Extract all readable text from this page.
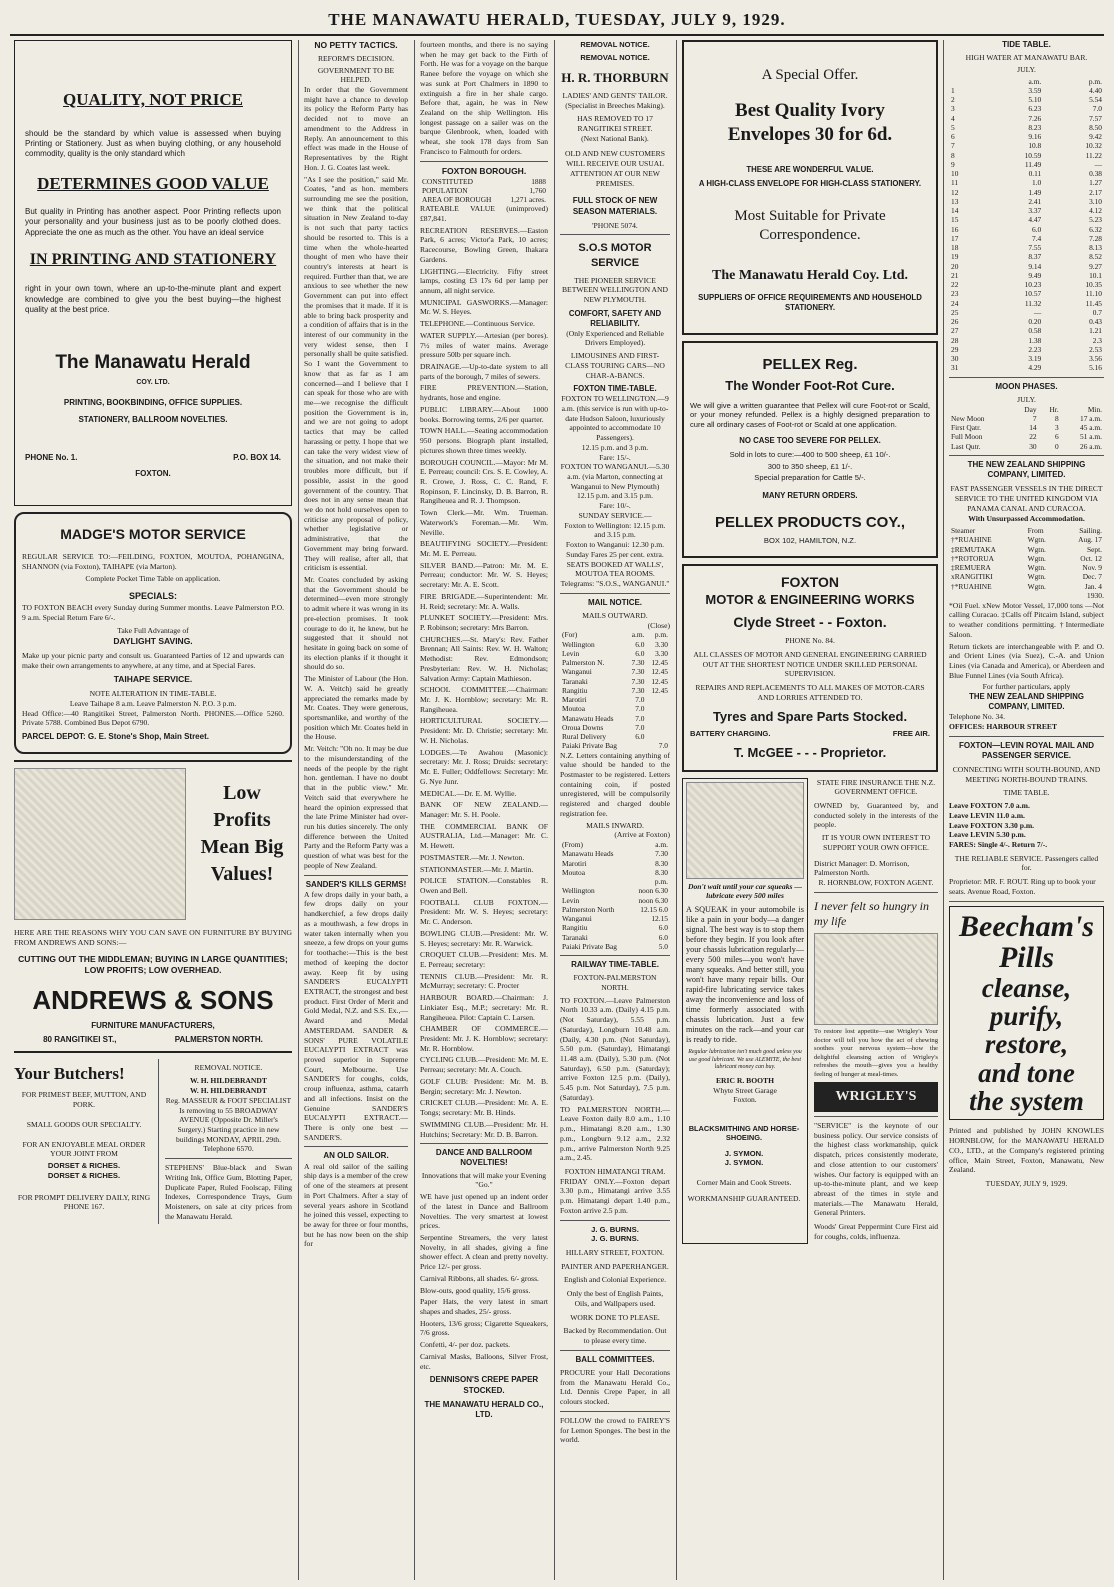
THE MANAWATU HERALD, TUESDAY, JULY 9, 1929.
QUALITY, NOT PRICE
should be the standard by which value is assessed when buying Printing or Stationery. Just as when buying clothing, or any household commodity, quality is the only standard which
DETERMINES GOOD VALUE
But quality in Printing has another aspect. Poor Printing reflects upon your personality and your business just as to be poorly clothed does. Appreciate the one as much as the other. You have an ideal service
IN PRINTING AND STATIONERY
right in your own town, where an up-to-the-minute plant and expert knowledge are combined to give you the best buying—the highest quality at the best price.
The Manawatu Herald
COY. LTD.
PRINTING, BOOKBINDING, OFFICE SUPPLIES.
STATIONERY, BALLROOM NOVELTIES.
PHONE No. 1.	P.O. BOX 14.
FOXTON.
MADGE'S MOTOR SERVICE
REGULAR SERVICE TO:—FEILDING, FOXTON, MOUTOA, POHANGINA, SHANNON (via Foxton), TAIHAPE (via Marton).
Complete Pocket Time Table on application.
SPECIALS:
TO FOXTON BEACH every Sunday during Summer months. Leave Palmerston P.O. 9 a.m. Special Return Fare 6/-.
Take Full Advantage of
DAYLIGHT SAVING.
Make up your picnic party and consult us. Guaranteed Parties of 12 and upwards can make their own arrangements to anywhere, at any time, and at Special Fares.
TAIHAPE SERVICE.
NOTE ALTERATION IN TIME-TABLE.
Leave Taihape 8 a.m. Leave Palmerston N. P.O. 3 p.m.
Head Office:—40 Rangitikei Street, Palmerston North. PHONES.—Office 5260. Private 5788. Combined Bus Depot 6790.
PARCEL DEPOT: G. E. Stone's Shop, Main Street.
Low Profits Mean Big Values!
HERE ARE THE REASONS WHY YOU CAN SAVE ON FURNITURE BY BUYING FROM ANDREWS AND SONS:—
CUTTING OUT THE MIDDLEMAN; BUYING IN LARGE QUANTITIES; LOW PROFITS; LOW OVERHEAD.
ANDREWS & SONS
FURNITURE MANUFACTURERS,
80 RANGITIKEI ST.,	PALMERSTON NORTH.
Your Butchers!
FOR PRIMEST BEEF, MUTTON, AND PORK.
SMALL GOODS OUR SPECIALTY.
FOR AN ENJOYABLE MEAL ORDER YOUR JOINT FROM
DORSET & RICHES.
DORSET & RICHES.
FOR PROMPT DELIVERY DAILY, RING PHONE 167.
REMOVAL NOTICE.
W. H. HILDEBRANDT
W. H. HILDEBRANDT
Reg. MASSEUR & FOOT SPECIALIST Is removing to 55 BROADWAY AVENUE (Opposite Dr. Miller's Surgery.) Starting practice in new buildings MONDAY, APRIL 29th. Telephone 6570.
STEPHENS' Blue-black and Swan Writing Ink, Office Gum, Blotting Paper, Duplicate Paper, Ruled Foolscap, Filing Indexes, Correspondence Trays, Gum Moisteners, on sale at city prices from the Manawatu Herald.
NO PETTY TACTICS.
REFORM'S DECISION.
GOVERNMENT TO BE HELPED.

In order that the Government might have a chance to develop its policy the Reform Party has decided not to move an amendment to the Address in Reply. An announcement to this effect was made in the House of Representatives by the Right Hon. J. G. Coates last week.

"As I see the position," said Mr. Coates, "and as hon. members surrounding me see the position, we think that the political situation in New Zealand to-day is not such that party tactics should be resorted to. This is a time when the whole-hearted thought of men who have their country's interests at heart is required. Further than that, we are anxious to see whether the new Government can put into effect the promises that it made. If it is able to bring back prosperity and a condition of affairs that is in the interest of our community in the very widest sense, then I personally shall be quite satisfied. So I want the Government to know that as far as I am concerned—and I believe that I can speak for those who are with me—we recognise the difficult position the Government is in, and we are not going to adopt tactics that may be called harassing or petty. I hope that we can take the very widest view of the situation, and not make their troubles more difficult, but if possible, assist in the good government of the country. That does not in any sense mean that we do not hold ourselves open to criticise any proposal of policy, whether legislative or administrative, that the Government may bring forward. They will realise, after all, that criticism is essential.

Mr. Coates concluded by asking that the Government should be determined—even more strongly to admit where it was wrong in its pre-election promises. It took courage to do it, he knew, but he suggested that it should not hesitate in going back on some of its election planks if it thought it should do so.

The Minister of Labour (the Hon. W. A. Veitch) said he greatly appreciated the remarks made by Mr. Coates. They were generous, sportsmanlike, and worthy of the position which Mr. Coates held in the House.

Mr. Veitch: "Oh no. It may be due to the misunderstanding of the needs of the people by the right hon. gentleman. I have no doubt that in the public view." Mr. Veitch said that everywhere he heard the opinion expressed that the late Prime Minister had over-run his duties sincerely. The only difference between the United Party and the Reform Party was a question of what was best for the people of New Zealand.

SANDER'S KILLS GERMS!

A few drops daily in your bath, a few drops daily on your handkerchief, a few drops daily as a mouthwash, a few drops in water taken internally when you sneeze, a few drops on your gums for toothache:—This is the best method of keeping the doctor away. Keep fit by using SANDER'S EUCALYPTI EXTRACT, the strongest and best product. First Order of Merit and Gold Medal, N.Z. and S.S. Ex.,—Award and Medal AMSTERDAM. SANDER & SONS' PURE VOLATILE EUCALYPTI EXTRACT was proved superior in Supreme Court, Melbourne. Use SANDER'S for coughs, colds, croup influenza, asthma, catarrh and all infections. Insist on the Genuine SANDER'S EUCALYPTI EXTRACT.—There is only one best —SANDER'S.

AN OLD SAILOR.

A real old sailor of the sailing ship days is a member of the crew of one of the steamers at present in Port Chalmers. After a stay of several years ashore in Scotland he joined this vessel, expecting to be away for three or four months, but he has now been on the ship for

fourteen months, and there is no saying when he may get back to the Firth of Forth. He was for a voyage on the barque Ranee before the voyage on which she was sunk at Port Chalmers in 1890 to extinguish a fire in her shale cargo. Before that, again, he was in New Zealand on the ship Wellington. His longest passage on a sailer was on the barque Glenbrook, when, loaded with wheat, she took 178 days from San Francisco to Falmouth for orders.

FOXTON BOROUGH.
CONSTITUTED	1888
POPULATION	1,760
AREA OF BOROUGH	1,271 acres.
RATEABLE VALUE (unimproved) £87,841.
RECREATION RESERVES.—Easton Park, 6 acres; Victor'a Park, 10 acres; Racecourse, Bowling Green, Ihakara Gardens.
LIGHTING.—Electricity. Fifty street lamps, costing £3 17s 6d per lamp per annum, all night service.
MUNICIPAL GASWORKS.—Manager: Mr. W. S. Heyes.
TELEPHONE.—Continuous Service.
WATER SUPPLY.—Artesian (per bores). 7½ miles of water mains. Average pressure 50lb per square inch.
DRAINAGE.—Up-to-date system to all parts of the borough, 7 miles of sewers.
FIRE PREVENTION.—Station, hydrants, hose and engine.
PUBLIC LIBRARY.—About 1000 books. Borrowing terms, 2/6 per quarter.
TOWN HALL.—Seating accommodation 950 persons. Biograph plant installed, pictures shown three times weekly.
BOROUGH COUNCIL.—Mayor: Mr M. E. Perreau; council: Crs. S. E. Cowley, A. R. Crowe, J. Ross, C. C. Rand, F. Ropinson, F. Lincinsky, D. B. Barron, R. Rangiheuea and R. J. Thompson.
Town Clerk.—Mr. Wm. Trueman. Waterwork's Foreman.—Mr. Wm. Neville.
BEAUTIFYING SOCIETY.—President: Mr. M. E. Perreau.
SILVER BAND.—Patron: Mr. M. E. Perreau; conductor: Mr. W. S. Heyes; secretary: Mr. A. E. Scott.
FIRE BRIGADE.—Superintendent: Mr. H. Reid; secretary: Mr. A. Walls.
PLUNKET SOCIETY.—President: Mrs. P. Robinson; secretary: Mrs Barron.
CHURCHES.—St. Mary's: Rev. Father Brennan; All Saints: Rev. W. H. Walton; Methodist: Rev. Edmondson; Presbyterian: Rev. W. H. Nicholas; Salvation Army: Captain Mathieson.
SCHOOL COMMITTEE.—Chairman: Mr. J. K. Hornblow; secretary: Mr. R. Rangiheuea.
HORTICULTURAL SOCIETY.—President: Mr. D. Christie; secretary: Mr. W. H. Nicholas.
LODGES.—Te Awahou (Masonic): secretary: Mr. J. Ross; Druids: secretary: Mr. E. Fuller; Oddfellows: Secretary: Mr. G. Nye Junr.
MEDICAL.—Dr. E. M. Wyllie.
BANK OF NEW ZEALAND.—Manager: Mr. S. H. Poole.
THE COMMERCIAL BANK OF AUSTRALIA, Ltd.—Manager: Mr. C. M. Hewett.
POSTMASTER.—Mr. J. Newton.
STATIONMASTER.—Mr. J. Martin.
POLICE STATION.—Constables R. Owen and Bell.
FOOTBALL CLUB FOXTON.—President: Mr. W. S. Heyes; secretary: Mr. C. Anderson.
BOWLING CLUB.—President: Mr. W. S. Heyes; secretary: Mr. R. Warwick.
CROQUET CLUB.—President: Mrs. M. E. Perreau; secretary:
TENNIS CLUB.—President: Mr. R. McMurray; secretary: C. Procter
HARBOUR BOARD.—Chairman: J. Linkiater Esq., M.P.; secretary: Mr. R. Rangiheuea. Pilot: Captain C. Larsen.
CHAMBER OF COMMERCE.—President: Mr. J. K. Hornblow; secretary: Mr. R. Hornblow.
CYCLING CLUB.—President: Mr. M. E. Perreau; secretary: Mr. A. Couch.
GOLF CLUB: President: Mr. M. B. Bergin; secretary: Mr. J. Newton.
CRICKET CLUB.—President: Mr. A. E. Tongs; secretary: Mr. B. Hinds.
SWIMMING CLUB.—President: Mr. H. Hutchins; Secretary: Mr. D. B. Barron.
DANCE AND BALLROOM NOVELTIES!
Innovations that will make your Evening "Go."

WE have just opened up an indent order of the latest in Dance and Ballroom Novelties. The very smartest at lowest prices.

Serpentine Streamers, the very latest Novelty, in all shades, giving a fine shower effect. A clean and pretty novelty. Price 12/- per gross.
Carnival Ribbons, all shades. 6/- gross.
Blow-outs, good quality, 15/6 gross.
Paper Hats, the very latest in smart shapes and shades, 25/- gross.
Hooters, 13/6 gross; Cigarette Squeakers, 7/6 gross.
Confetti, 4/- per doz. packets.
Carnival Masks, Balloons, Silver Frost, etc.
DENNISON'S CREPE PAPER STOCKED.
THE MANAWATU HERALD CO., LTD.
REMOVAL NOTICE.
REMOVAL NOTICE.
H. R. THORBURN
LADIES' AND GENTS' TAILOR.
(Specialist in Breeches Making).
HAS REMOVED TO 17 RANGITIKEI STREET.
(Next National Bank).
OLD AND NEW CUSTOMERS WILL RECEIVE OUR USUAL ATTENTION AT OUR NEW PREMISES.
FULL STOCK OF NEW SEASON MATERIALS.
'PHONE 5074.
S.O.S MOTOR SERVICE
THE PIONEER SERVICE BETWEEN WELLINGTON AND NEW PLYMOUTH.
COMFORT, SAFETY AND RELIABILITY.
(Only Experienced and Reliable Drivers Employed).
LIMOUSINES AND FIRST-CLASS TOURING CARS—NO CHAR-A-BANCS.
FOXTON TIME-TABLE.
FOXTON TO WELLINGTON.—9 a.m. (this service is run with up-to-date Hudson Saloon, luxuriously appointed to accommodate 10 Passengers).
12.15 p.m. and 3 p.m.
Fare: 15/-.
FOXTON TO WANGANUI.—5.30 a.m. (via Marton, connecting at Wanganui to New Plymouth)
12.15 p.m. and 3.15 p.m.
Fare: 10/-.
SUNDAY SERVICE.—
Foxton to Wellington: 12.15 p.m. and 3.15 p.m.
Foxton to Wanganui: 12.30 p.m.
Sunday Fares 25 per cent. extra.
SEATS BOOKED AT WALLS', MOUTOA TEA ROOMS.
Telegrams: "S.O.S., WANGANUI."
MAIL NOTICE.
MAILS OUTWARD.
(Close)
(For)	a.m.	p.m.
Wellington	6.0	3.30
Levin	6.0	3.30
Palmerston N.	7.30	12.45
Wanganui	7.30	12.45
Taranaki	7.30	12.45
Rangitiu	7.30	12.45
Marotiri	7.0	
Moutoa	7.0	
Manawatu Heads	7.0	
Oroua Downs	7.0	
Rural Delivery	6.0	
Paiaki Private Bag		7.0

N.Z. Letters containing anything of value should be handed to the Postmaster to be registered. Letters containing coin, if posted unregistered, will be compulsorily registered and charged double registration fee.

MAILS INWARD.
(Arrive at Foxton)
(From)	a.m.
Manawatu Heads	7.30
Marotiri	8.30
Moutoa	8.30
	p.m.
Wellington	noon 6.30
Levin	noon 6.30
Palmerston North	12.15 6.0
Wanganui	12.15
Rangitiu	6.0
Taranaki	6.0
Paiaki Private Bag	5.0
RAILWAY TIME-TABLE.
FOXTON-PALMERSTON NORTH.

TO FOXTON.—Leave Palmerston North 10.33 a.m. (Daily) 4.15 p.m. (Not Saturday), 5.55 p.m. (Saturday), Longburn 10.48 a.m. (Daily, 4.30 p.m. (Not Saturday), 5.50 p.m. (Saturday), Himatangi 11.48 a.m. (Daily), 5.30 p.m. (Not Saturday), 6.50 p.m. (Saturday); arrive Foxton 12.5 p.m. (Daily), 5.45 p.m. Not Saturday), 7.5 p.m. (Saturday).

TO PALMERSTON NORTH.—Leave Foxton daily 8.0 a.m., 1.10 p.m., Himatangi 8.20 a.m., 1.30 p.m., Longburn 9.12 a.m., 2.32 p.m., arrive Palmerston North 9.25 a.m., 2.45.

FOXTON HIMATANGI TRAM.

FRIDAY ONLY.—Foxton depart 3.30 p.m., Himatangi arrive 3.55 p.m. Himatangi depart 1.40 p.m., Foxton arrive 2.5 p.m.

J. G. BURNS.
J. G. BURNS.
HILLARY STREET, FOXTON.
PAINTER AND PAPERHANGER.
English and Colonial Experience.
Only the best of English Paints, Oils, and Wallpapers used.
WORK DONE TO PLEASE.
Backed by Recommendation. Out to please every time.
BALL COMMITTEES.

PROCURE your Hall Decorations from the Manawatu Herald Co., Ltd. Dennis Crepe Paper, in all colours stocked.

FOLLOW the crowd to FAIREY'S for Lemon Sponges. The best in the world.

A Special Offer.
Best Quality Ivory Envelopes 30 for 6d.
THESE ARE WONDERFUL VALUE.
A HIGH-CLASS ENVELOPE FOR HIGH-CLASS STATIONERY.
Most Suitable for Private Correspondence.
The Manawatu Herald Coy. Ltd.
SUPPLIERS OF OFFICE REQUIREMENTS AND HOUSEHOLD STATIONERY.
PELLEX Reg.
The Wonder Foot-Rot Cure.
We will give a written guarantee that Pellex will cure Foot-rot or Scald, or your money refunded. Pellex is a highly designed preparation to cure all ordinary cases of Foot-rot or Scald at one application.
NO CASE TOO SEVERE FOR PELLEX.
Sold in lots to cure:—400 to 500 sheep, £1 10/-.
300 to 350 sheep, £1 1/-.
Special preparation for Cattle 5/-.
MANY RETURN ORDERS.
PELLEX PRODUCTS COY.,
BOX 102, HAMILTON, N.Z.
FOXTON
MOTOR & ENGINEERING WORKS
Clyde Street - - Foxton.
PHONE No. 84.
ALL CLASSES OF MOTOR AND GENERAL ENGINEERING CARRIED OUT AT THE SHORTEST NOTICE UNDER SKILLED PERSONAL SUPERVISION.
REPAIRS AND REPLACEMENTS TO ALL MAKES OF MOTOR-CARS AND LORRIES ATTENDED TO.
Tyres and Spare Parts Stocked.
BATTERY CHARGING.	FREE AIR.
T. McGEE - - - Proprietor.
Don't wait until your car squeaks — lubricate every 500 miles
A SQUEAK in your automobile is like a pain in your body—a danger signal. The best way is to stop them before they begin. If you look after your chassis lubrication regularly—every 500 miles—you won't have many squeaks. And better still, you won't have many repair bills. Our rapid-fire lubricating service takes away the inconvenience and loss of time formerly associated with chassis lubrication. Just a few minutes on the rack—and your car is ready to ride.
Regular lubrication isn't much good unless you use good lubricant. We use ALEMITE, the best lubricant money can buy.
ERIC R. BOOTH
Whyte Street Garage
Foxton.
STATE FIRE INSURANCE THE N.Z. GOVERNMENT OFFICE.

OWNED by, Guaranteed by, and conducted solely in the interests of the people.

IT IS YOUR OWN INTEREST TO SUPPORT YOUR OWN OFFICE.
District Manager: D. Morrison, Palmerston North.
R. HORNBLOW, FOXTON AGENT.
I never felt so hungry in my life

To restore lost appetite—use Wrigley's Your doctor will tell you how the act of chewing soothes your nervous system—how the delightful cleansing action of Wrigley's refreshes the mouth—gives you a healthy feeling of hunger at meal-times.

WRIGLEY'S

"SERVICE" is the keynote of our business policy. Our service consists of the highest class workmanship, quick dispatch, prices consistently moderate, and close attention to our customers' wishes. Our factory is equipped with an up-to-the-minute plant, and we keep abreast of the times in style and materials.—The Manawatu Herald, General Printers.

Woods' Great Peppermint Cure First aid for coughs, colds, influenza.

BLACKSMITHING AND HORSE-SHOEING.
J. SYMON.
J. SYMON.
Corner Main and Cook Streets.
WORKMANSHIP GUARANTEED.
TIDE TABLE.
HIGH WATER AT MANAWATU BAR.
JULY.
	a.m.	p.m.
1	3.59	4.40
2	5.10	5.54
3	6.23	7.0
4	7.26	7.57
5	8.23	8.50
6	9.16	9.42
7	10.8	10.32
8	10.59	11.22
9	11.49	—
10	0.11	0.38
11	1.0	1.27
12	1.49	2.17
13	2.41	3.10
14	3.37	4.12
15	4.47	5.23
16	6.0	6.32
17	7.4	7.28
18	7.55	8.13
19	8.37	8.52
20	9.14	9.27
21	9.49	10.1
22	10.23	10.35
23	10.57	11.10
24	11.32	11.45
25	—	0.7
26	0.20	0.43
27	0.58	1.21
28	1.38	2.3
29	2.23	2.53
30	3.19	3.56
31	4.29	5.16
MOON PHASES.
JULY.
	Day	Hr.	Min.
New Moon	7	8	17 a.m.
First Qatr.	14	3	45 a.m.
Full Moon	22	6	51 a.m.
Last Qutr.	30	0	26 a.m.
THE NEW ZEALAND SHIPPING COMPANY, LIMITED.
FAST PASSENGER VESSELS IN THE DIRECT SERVICE TO THE UNITED KINGDOM VIA PANAMA CANAL AND CURACOA.
With Unsurpassed Accommodation.
Steamer	From	Sailing.
†*RUAHINE	Wgtn.	Aug. 17
‡REMUTAKA	Wgtn.	Sept.
†*ROTORUA	Wgtn.	Oct. 12
‡REMUERA	Wgtn.	Nov. 9
xRANGITIKI	Wgtn.	Dec. 7
†*RUAHINE	Wgtn.	Jan. 4
1930.

*Oil Fuel. xNew Motor Vessel, 17,000 tons —Not calling Curacao. ‡Calls off Pitcairn Island, subject to weather conditions permitting. †Intermediate Saloon.

Return tickets are interchangeable with P. and O. and Orient Lines (via Suez), C.-A. and Union Lines (via Canada and America), or Aberdeen and Blue Funnel Lines (via South Africa).

For further particulars, apply
THE NEW ZEALAND SHIPPING COMPANY, LIMITED.
Telephone No. 34.
OFFICES: HARBOUR STREET
FOXTON—LEVIN ROYAL MAIL AND PASSENGER SERVICE.
CONNECTING WITH SOUTH-BOUND, AND MEETING NORTH-BOUND TRAINS.
TIME TABLE.
Leave FOXTON 7.0 a.m.
Leave LEVIN 11.0 a.m.
Leave FOXTON 3.30 p.m.
Leave LEVIN 5.30 p.m.
FARES: Single 4/-. Return 7/-.
THE RELIABLE SERVICE. Passengers called for.
Proprietor: MR. F. ROUT. Ring up to book your seats. Avenue Road, Foxton.
Beecham's
Pills
cleanse,
purify,
restore,
and tone
the system

Printed and published by JOHN KNOWLES HORNBLOW, for the MANAWATU HERALD CO., LTD., at the Company's registered printing office, Main Street, Foxton, Manawatu, New Zealand.

TUESDAY, JULY 9, 1929.
